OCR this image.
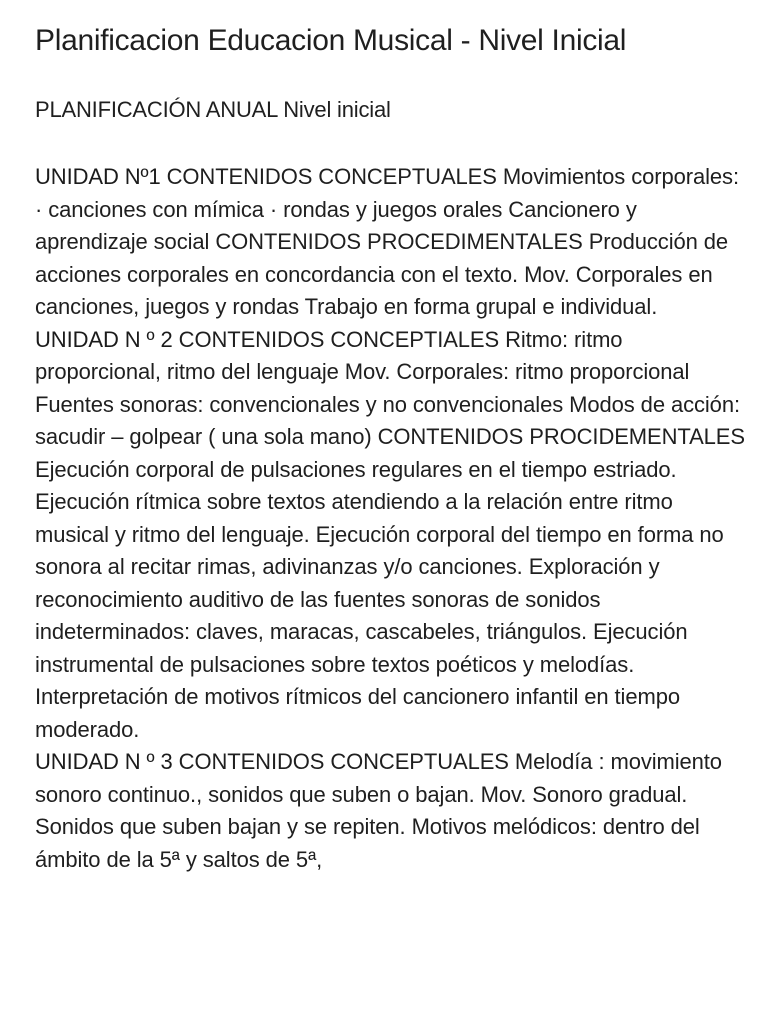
Planificacion Educacion Musical - Nivel Inicial
PLANIFICACIÓN ANUAL Nivel inicial

UNIDAD Nº1 CONTENIDOS CONCEPTUALES Movimientos corporales: · canciones con mímica · rondas y juegos orales Cancionero y aprendizaje social CONTENIDOS PROCEDIMENTALES Producción de acciones corporales en concordancia con el texto. Mov. Corporales en canciones, juegos y rondas Trabajo en forma grupal e individual.

UNIDAD N º 2 CONTENIDOS CONCEPTIALES Ritmo: ritmo proporcional, ritmo del lenguaje Mov. Corporales: ritmo proporcional Fuentes sonoras: convencionales y no convencionales Modos de acción: sacudir – golpear ( una sola mano) CONTENIDOS PROCIDEMENTALES Ejecución corporal de pulsaciones regulares en el tiempo estriado. Ejecución rítmica sobre textos atendiendo a la relación entre ritmo musical y ritmo del lenguaje. Ejecución corporal del tiempo en forma no sonora al recitar rimas, adivinanzas y/o canciones. Exploración y reconocimiento auditivo de las fuentes sonoras de sonidos indeterminados: claves, maracas, cascabeles, triángulos. Ejecución instrumental de pulsaciones sobre textos poéticos y melodías. Interpretación de motivos rítmicos del cancionero infantil en tiempo moderado.

UNIDAD N º 3 CONTENIDOS CONCEPTUALES Melodía : movimiento sonoro continuo., sonidos que suben o bajan. Mov. Sonoro gradual. Sonidos que suben bajan y se repiten. Motivos melódicos: dentro del ámbito de la 5ª y saltos de 5ª,
